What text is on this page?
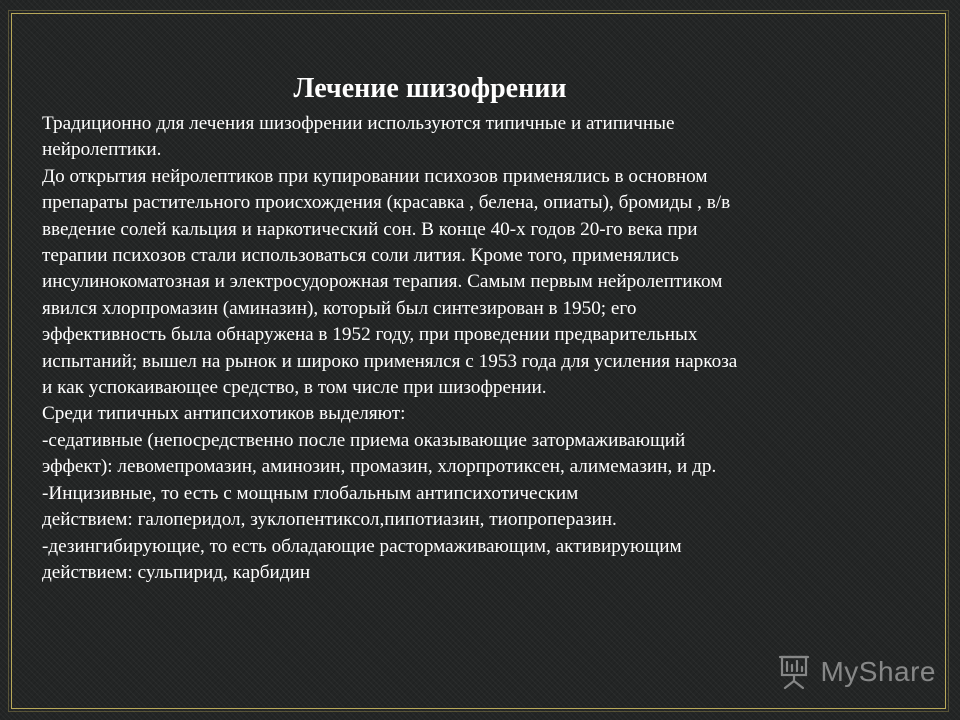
Лечение шизофрении
Традиционно для лечения шизофрении используются типичные и атипичные
нейролептики.
До открытия нейролептиков при купировании психозов применялись в основном
препараты растительного происхождения (красавка , белена, опиаты), бромиды , в/в
введение солей кальция и наркотический сон. В конце 40-х годов 20-го века при
терапии психозов стали использоваться соли лития. Кроме того, применялись
инсулинокоматозная и электросудорожная терапия. Самым первым нейролептиком
явился хлорпромазин (аминазин), который был синтезирован в 1950; его
эффективность была обнаружена в 1952 году, при проведении предварительных
испытаний; вышел на рынок и широко применялся с 1953 года для усиления наркоза
и как успокаивающее средство, в том числе при шизофрении.
Среди типичных антипсихотиков выделяют:
-седативные (непосредственно после приема оказывающие затормаживающий
эффект): левомепромазин, аминозин, промазин, хлорпротиксен, алимемазин, и др.
-Инцизивные, то есть с мощным глобальным антипсихотическим
действием: галоперидол, зуклопентиксол,пипотиазин, тиопроперазин.
-дезингибирующие, то есть обладающие растормаживающим, активирующим
действием: сульпирид, карбидин
MyShare
